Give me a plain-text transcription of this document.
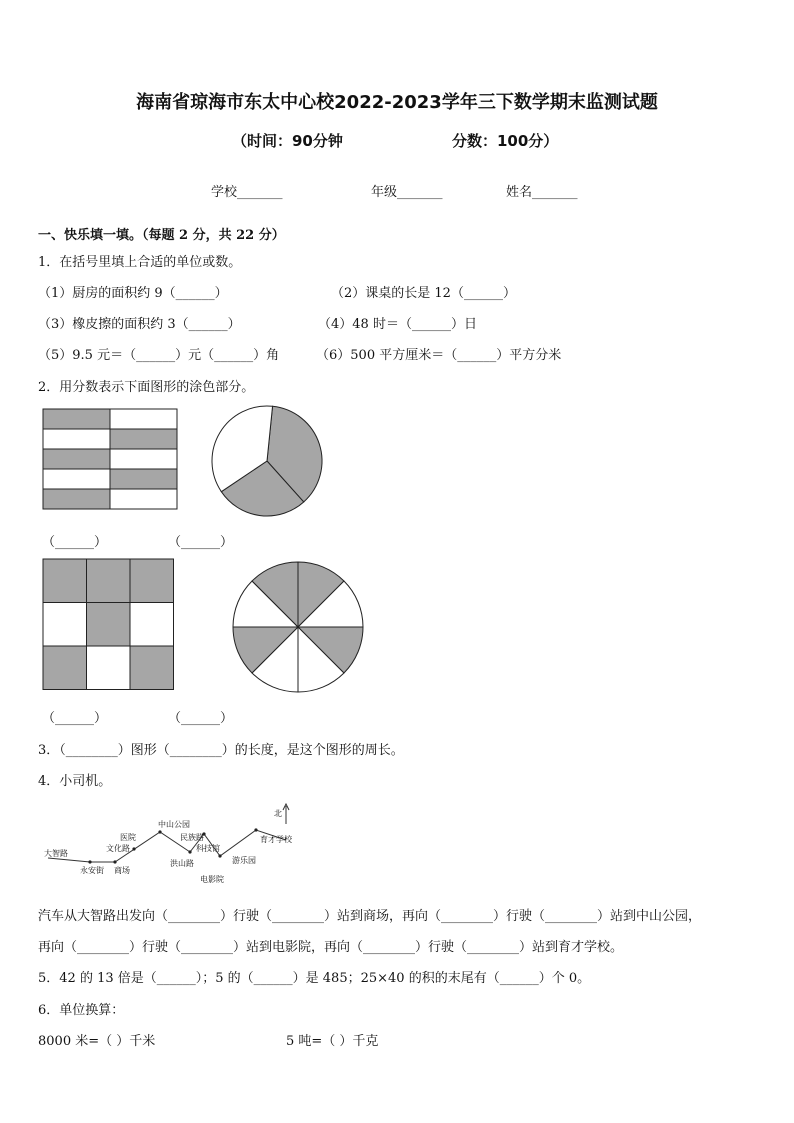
海南省琼海市东太中心校2022-2023学年三下数学期末监测试题
（时间：90分钟	分数：100分）
学校_______	年级_______	姓名_______
一、快乐填一填。（每题 2 分，共 22 分）
1．在括号里填上合适的单位或数。
（1）厨房的面积约 9（______）	（2）课桌的长是 12（______）
（3）橡皮擦的面积约 3（______）	（4）48 时＝（______）日
（5）9.5 元＝（______）元（______）角	（6）500 平方厘米＝（______）平方分米
2．用分数表示下面图形的涂色部分。
（______）	（______）
（______）	（______）
3．（________）图形（________）的长度，是这个图形的周长。
4．小司机。
北
大智路
永安街 商场
文化路
医院
中山公园
民族路
科技馆
洪山路
电影院
游乐园
育才学校
汽车从大智路出发向（________）行驶（________）站到商场，再向（________）行驶（________）站到中山公园，
再向（________）行驶（________）站到电影院，再向（________）行驶（________）站到育才学校。
5．42 的 13 倍是（______）；5 的（______）是 485；25×40 的积的末尾有（______）个 0。
6．单位换算：
8000 米=（ ）千米	5 吨=（ ）千克
